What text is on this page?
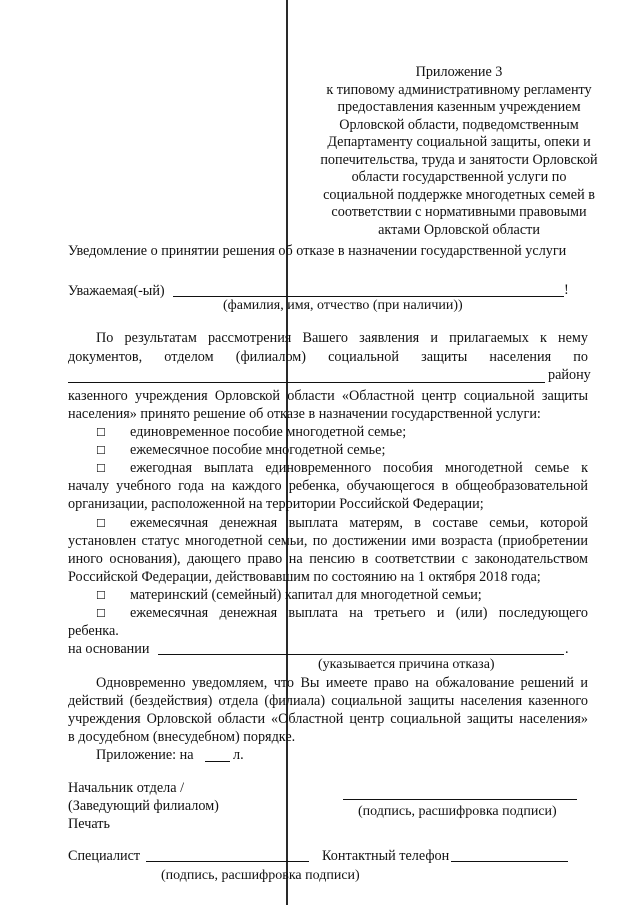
Приложение 3
к типовому административному регламенту
предоставления казенным учреждением
Орловской области, подведомственным
Департаменту социальной защиты, опеки и
попечительства, труда и занятости Орловской
области государственной услуги по
социальной поддержке многодетных семей в
соответствии с нормативными правовыми
актами Орловской области
Уведомление о принятии решения об отказе в назначении государственной услуги
Уважаемая(-ый)	!
(фамилия, имя, отчество (при наличии))
По результатам рассмотрения Вашего заявления и прилагаемых к нему
документов, отделом (филиалом) социальной защиты населения по
району
казенного учреждения Орловской области «Областной центр социальной защиты
населения» принято решение об отказе в назначении государственной услуги:
☐ единовременное пособие многодетной семье;
☐ ежемесячное пособие многодетной семье;
☐ ежегодная выплата единовременного пособия многодетной семье к
началу учебного года на каждого ребенка, обучающегося в общеобразовательной
организации, расположенной на территории Российской Федерации;
☐ ежемесячная денежная выплата матерям, в составе семьи, которой
установлен статус многодетной семьи, по достижении ими возраста (приобретении
иного основания), дающего право на пенсию в соответствии с законодательством
Российской Федерации, действовавшим по состоянию на 1 октября 2018 года;
☐ материнский (семейный) капитал для многодетной семьи;
☐ ежемесячная денежная выплата на третьего и (или) последующего
ребенка.
на основании	.
(указывается причина отказа)
Одновременно уведомляем, что Вы имеете право на обжалование решений и
действий (бездействия) отдела (филиала) социальной защиты населения казенного
учреждения Орловской области «Областной центр социальной защиты населения»
в досудебном (внесудебном) порядке.
Приложение: на	л.
Начальник отдела /
(Заведующий филиалом)
Печать
(подпись, расшифровка подписи)
Специалист	Контактный телефон
(подпись, расшифровка подписи)
